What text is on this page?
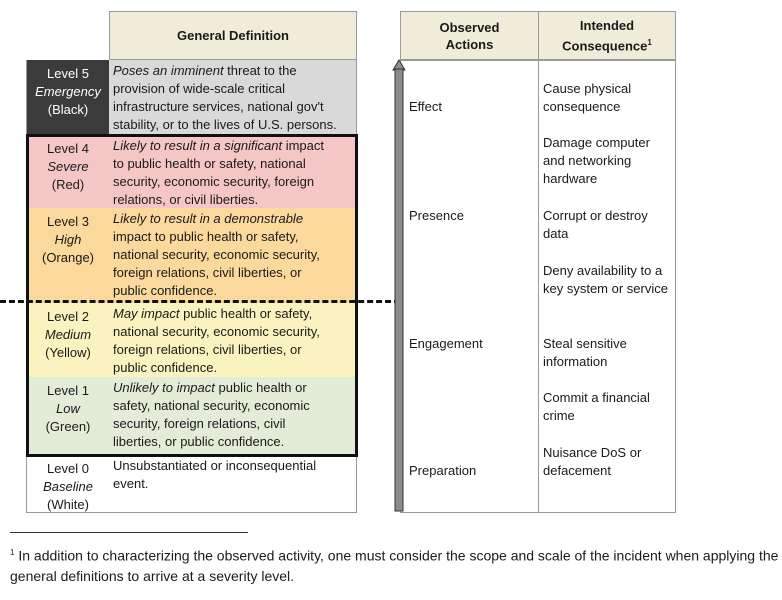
General Definition
Level 5
Emergency
(Black)
Poses an imminent threat to the
provision of wide-scale critical
infrastructure services, national gov't
stability, or to the lives of U.S. persons.
Level 4
Severe
(Red)
Likely to result in a significant impact
to public health or safety, national
security, economic security, foreign
relations, or civil liberties.
Level 3
High
(Orange)
Likely to result in a demonstrable
impact to public health or safety,
national security, economic security,
foreign relations, civil liberties, or
public confidence.
Level 2
Medium
(Yellow)
May impact public health or safety,
national security, economic security,
foreign relations, civil liberties, or
public confidence.
Level 1
Low
(Green)
Unlikely to impact public health or
safety, national security, economic
security, foreign relations, civil
liberties, or public confidence.
Level 0
Baseline
(White)
Unsubstantiated or inconsequential
event.
Observed Actions
Intended Consequence$^1$
Effect
Presence
Engagement
Preparation
Cause physical consequence
Damage computer and networking hardware
Corrupt or destroy data
Deny availability to a key system or service
Steal sensitive information
Commit a financial crime
Nuisance DoS or defacement
$^1$ In addition to characterizing the observed activity, one must consider the scope and scale of the incident when applying the general definitions to arrive at a severity level.
